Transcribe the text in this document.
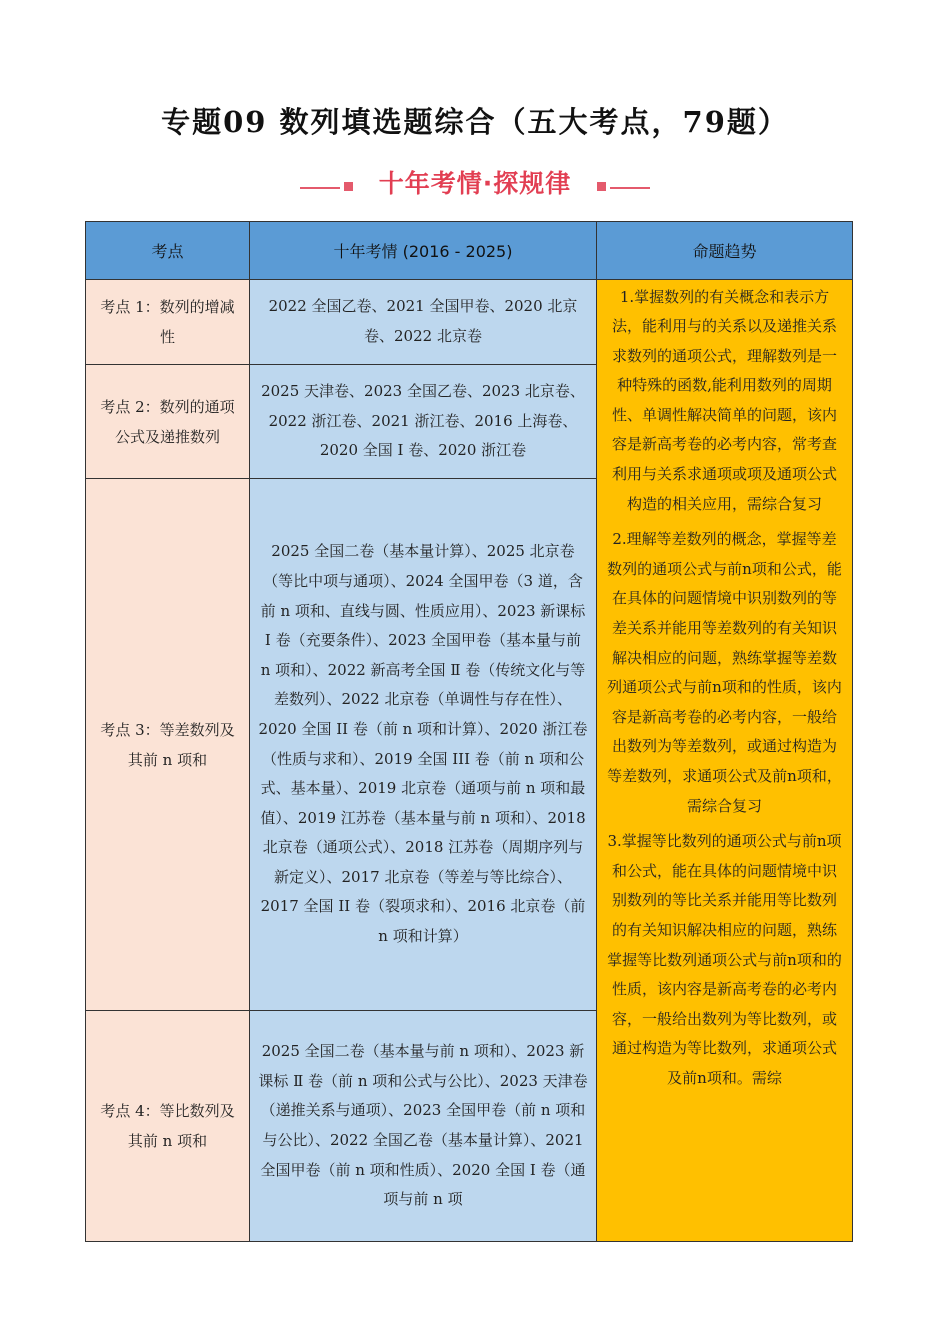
专题09 数列填选题综合（五大考点，79题）
十年考情·探规律
考点	十年考情 (2016 - 2025)	命题趋势
考点 1：数列的增减性	2022 全国乙卷、2021 全国甲卷、2020 北京卷、2022 北京卷	1.掌握数列的有关概念和表示方法，能利用与的关系以及递推关系求数列的通项公式，理解数列是一种特殊的函数,能利用数列的周期性、单调性解决简单的问题，该内容是新高考卷的必考内容，常考查利用与关系求通项或项及通项公式构造的相关应用，需综合复习

2.理解等差数列的概念，掌握等差数列的通项公式与前n项和公式，能在具体的问题情境中识别数列的等差关系并能用等差数列的有关知识解决相应的问题，熟练掌握等差数列通项公式与前n项和的性质，该内容是新高考卷的必考内容，一般给出数列为等差数列，或通过构造为等差数列，求通项公式及前n项和，需综合复习

3.掌握等比数列的通项公式与前n项和公式，能在具体的问题情境中识别数列的等比关系并能用等比数列的有关知识解决相应的问题，熟练掌握等比数列通项公式与前n项和的性质，该内容是新高考卷的必考内容，一般给出数列为等比数列，或通过构造为等比数列，求通项公式及前n项和。需综

考点 2：数列的通项公式及递推数列	2025 天津卷、2023 全国乙卷、2023 北京卷、2022 浙江卷、2021 浙江卷、2016 上海卷、2020 全国 I 卷、2020 浙江卷	
考点 3：等差数列及其前 n 项和	2025 全国二卷（基本量计算）、2025 北京卷（等比中项与通项）、2024 全国甲卷（3 道，含前 n 项和、直线与圆、性质应用）、2023 新课标 Ⅰ 卷（充要条件）、2023 全国甲卷（基本量与前 n 项和）、2022 新高考全国 Ⅱ 卷（传统文化与等差数列）、2022 北京卷（单调性与存在性）、2020 全国 II 卷（前 n 项和计算）、2020 浙江卷（性质与求和）、2019 全国 III 卷（前 n 项和公式、基本量）、2019 北京卷（通项与前 n 项和最值）、2019 江苏卷（基本量与前 n 项和）、2018 北京卷（通项公式）、2018 江苏卷（周期序列与新定义）、2017 北京卷（等差与等比综合）、2017 全国 II 卷（裂项求和）、2016 北京卷（前 n 项和计算）	
考点 4：等比数列及其前 n 项和	2025 全国二卷（基本量与前 n 项和）、2023 新课标 Ⅱ 卷（前 n 项和公式与公比）、2023 天津卷（递推关系与通项）、2023 全国甲卷（前 n 项和与公比）、2022 全国乙卷（基本量计算）、2021 全国甲卷（前 n 项和性质）、2020 全国 I 卷（通项与前 n 项	
